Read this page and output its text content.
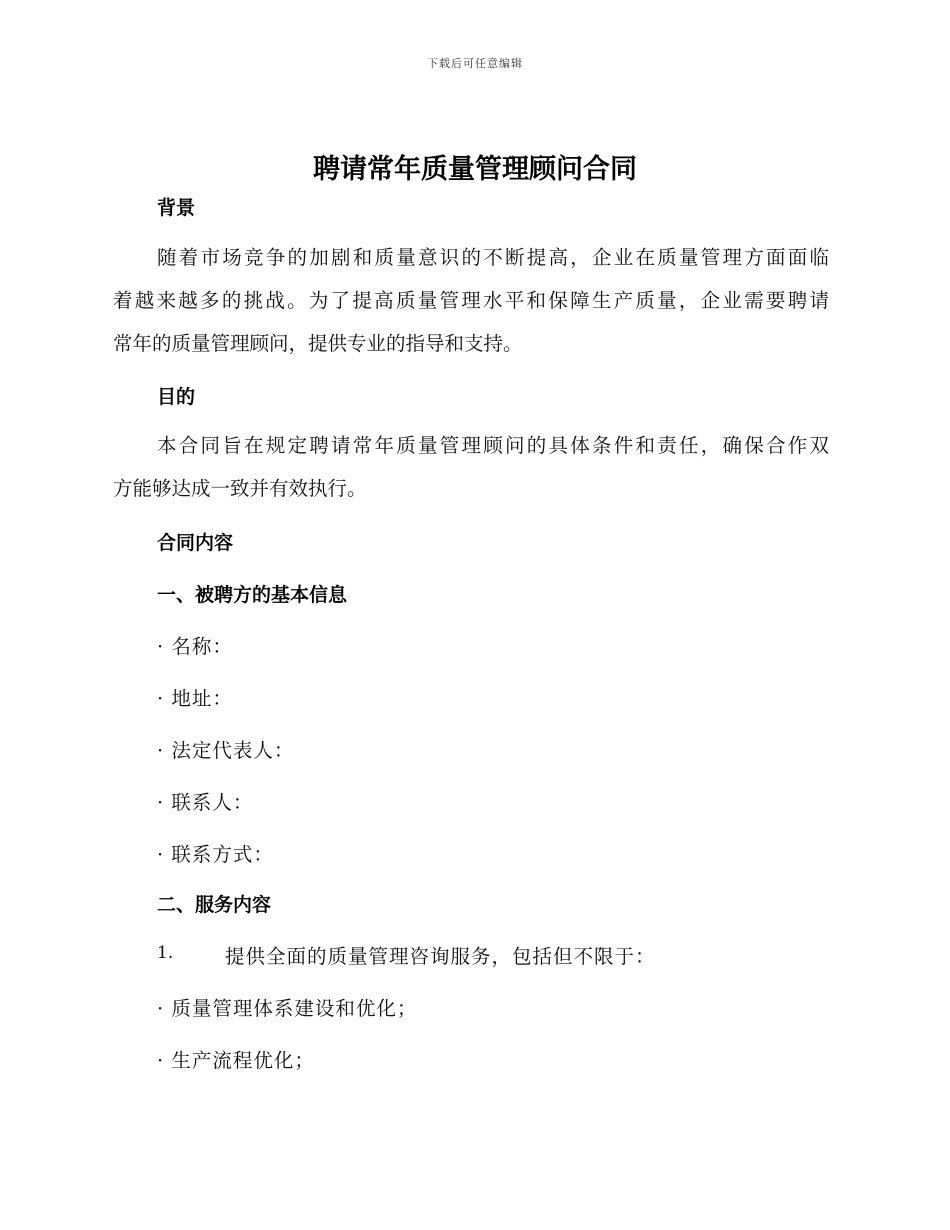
下载后可任意编辑
聘请常年质量管理顾问合同
背景
随着市场竞争的加剧和质量意识的不断提高，企业在质量管理方面面临
着越来越多的挑战。为了提高质量管理水平和保障生产质量，企业需要聘请
常年的质量管理顾问，提供专业的指导和支持。
目的
本合同旨在规定聘请常年质量管理顾问的具体条件和责任，确保合作双
方能够达成一致并有效执行。
合同内容
一、被聘方的基本信息
· 名称：
· 地址：
· 法定代表人：
· 联系人：
· 联系方式：
二、服务内容
1.	提供全面的质量管理咨询服务，包括但不限于：
· 质量管理体系建设和优化；
· 生产流程优化；
